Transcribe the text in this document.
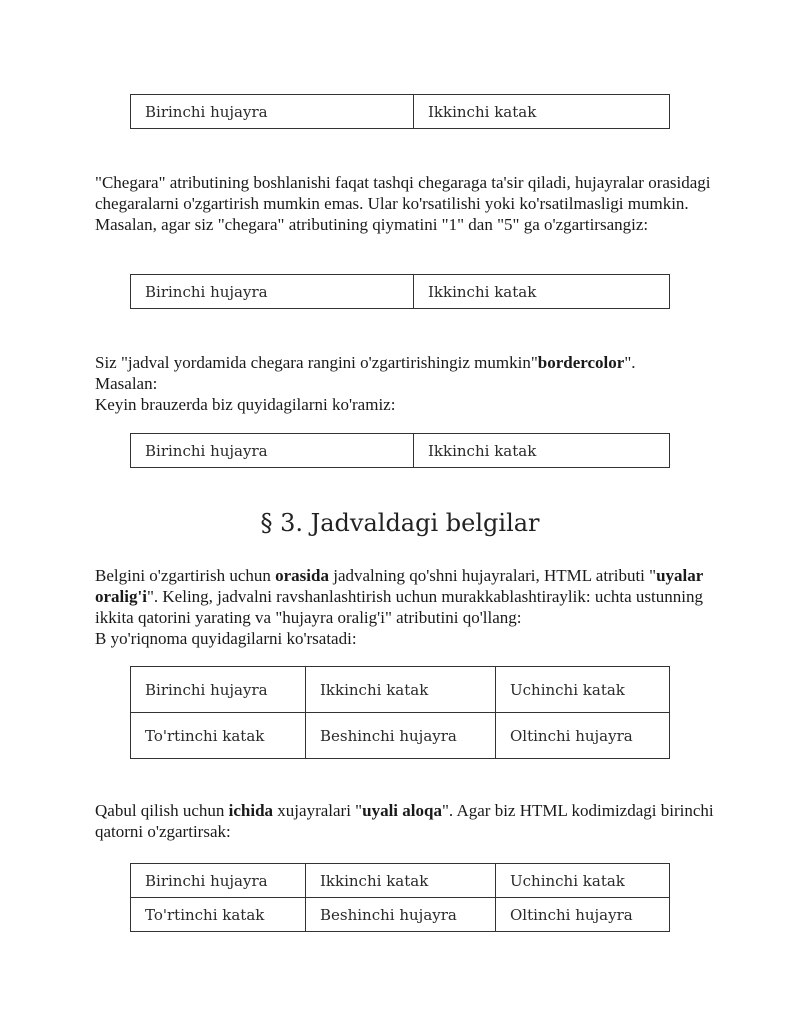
Birinchi hujayra	Ikkinchi katak

"Chegara" atributining boshlanishi faqat tashqi chegaraga ta'sir qiladi, hujayralar orasidagi chegaralarni o'zgartirish mumkin emas. Ular ko'rsatilishi yoki ko'rsatilmasligi mumkin. Masalan, agar siz "chegara" atributining qiymatini "1" dan "5" ga o'zgartirsangiz:

Birinchi hujayra	Ikkinchi katak

Siz "jadval yordamida chegara rangini o'zgartirishingiz mumkin"bordercolor".

Masalan:

Keyin brauzerda biz quyidagilarni ko'ramiz:

Birinchi hujayra	Ikkinchi katak
§ 3. Jadvaldagi belgilar

Belgini o'zgartirish uchun orasida jadvalning qo'shni hujayralari, HTML atributi "uyalar oralig'i". Keling, jadvalni ravshanlashtirish uchun murakkablashtiraylik: uchta ustunning ikkita qatorini yarating va "hujayra oralig'i" atributini qo'llang:

B yo'riqnoma quyidagilarni ko'rsatadi:

Birinchi hujayra	Ikkinchi katak	Uchinchi katak
To'rtinchi katak	Beshinchi hujayra	Oltinchi hujayra

Qabul qilish uchun ichida xujayralari "uyali aloqa". Agar biz HTML kodimizdagi birinchi qatorni o'zgartirsak:

Birinchi hujayra	Ikkinchi katak	Uchinchi katak
To'rtinchi katak	Beshinchi hujayra	Oltinchi hujayra
